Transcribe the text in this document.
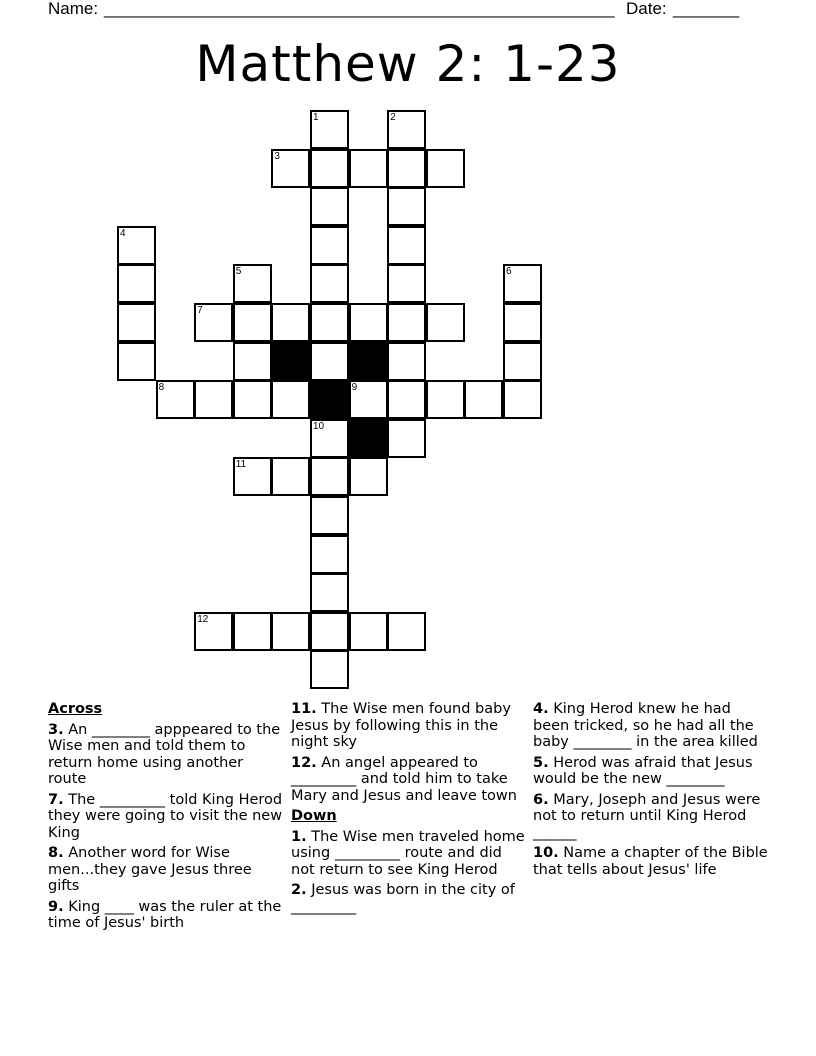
Name: ______________________________________________________ Date: _______
Matthew 2: 1-23
1	2
3
4
5	6
7
8	9
10
11
12
Across
3. An ________ apppeared to the Wise men and told them to return home using another route
7. The _________ told King Herod they were going to visit the new King
8. Another word for Wise men...they gave Jesus three gifts
9. King ____ was the ruler at the time of Jesus' birth
11. The Wise men found baby Jesus by following this in the night sky
12. An angel appeared to _________ and told him to take Mary and Jesus and leave town
Down
1. The Wise men traveled home using _________ route and did not return to see King Herod
2. Jesus was born in the city of _________
4. King Herod knew he had been tricked, so he had all the baby ________ in the area killed
5. Herod was afraid that Jesus would be the new ________
6. Mary, Joseph and Jesus were not to return until King Herod ______
10. Name a chapter of the Bible that tells about Jesus' life
